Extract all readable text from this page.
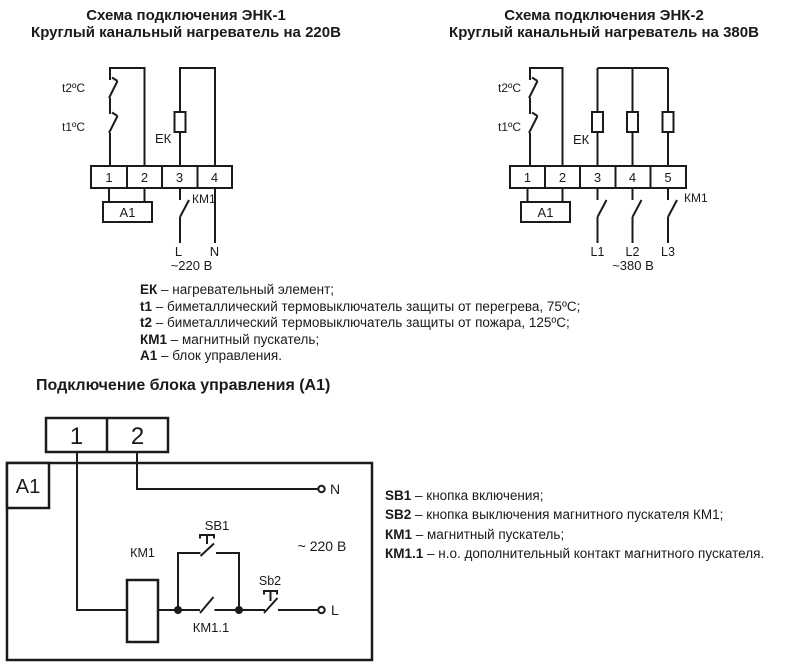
Схема подключения ЭНК-1
Круглый канальный нагреватель на 220В
Схема подключения ЭНК-2
Круглый канальный нагреватель на 380В
t2ºC
t1ºC
ЕК
1 2 3 4
А1
КМ1
L N
~220 В
t2ºC
t1ºC
ЕК
1 2 3 4 5
А1
КМ1
L1 L2 L3
~380 В
1 2
А1	N
L
КМ1
SB1
Sb2
КМ1.1
~ 220 В
ЕК – нагревательный элемент;
t1 – биметаллический термовыключатель защиты от перегрева, 75ºС;
t2 – биметаллический термовыключатель защиты от пожара, 125ºС;
КМ1 – магнитный пускатель;
А1 – блок управления.
Подключение блока управления (А1)
SB1 – кнопка включения;
SB2 – кнопка выключения магнитного пускателя КМ1;
КМ1 – магнитный пускатель;
КМ1.1 – н.о. дополнительный контакт магнитного пускателя.
